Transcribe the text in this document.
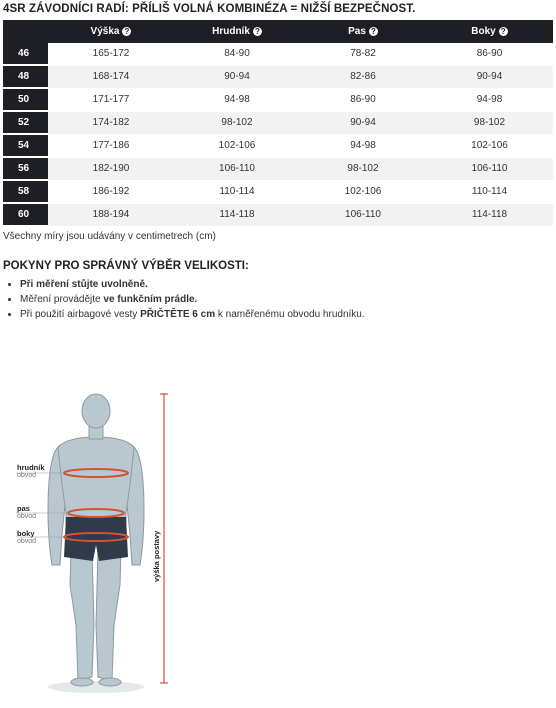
4SR ZÁVODNÍCI RADÍ: PŘÍLIŠ VOLNÁ KOMBINÉZA = NIŽŠÍ BEZPEČNOST.
	Výška ?	Hrudník ?	Pas ?	Boky ?
46	165-172	84-90	78-82	86-90
48	168-174	90-94	82-86	90-94
50	171-177	94-98	86-90	94-98
52	174-182	98-102	90-94	98-102
54	177-186	102-106	94-98	102-106
56	182-190	106-110	98-102	106-110
58	186-192	110-114	102-106	110-114
60	188-194	114-118	106-110	114-118
Všechny míry jsou udávány v centimetrech (cm)
POKYNY PRO SPRÁVNÝ VÝBĚR VELIKOSTI:
• Při měření stůjte uvolněně.
• Měření provádějte ve funkčním prádle.
• Při použití airbagové vesty PŘIČTĚTE 6 cm k naměřenému obvodu hrudníku.
hrudník
obvod
pas
obvod
boky
obvod	výška postavy
